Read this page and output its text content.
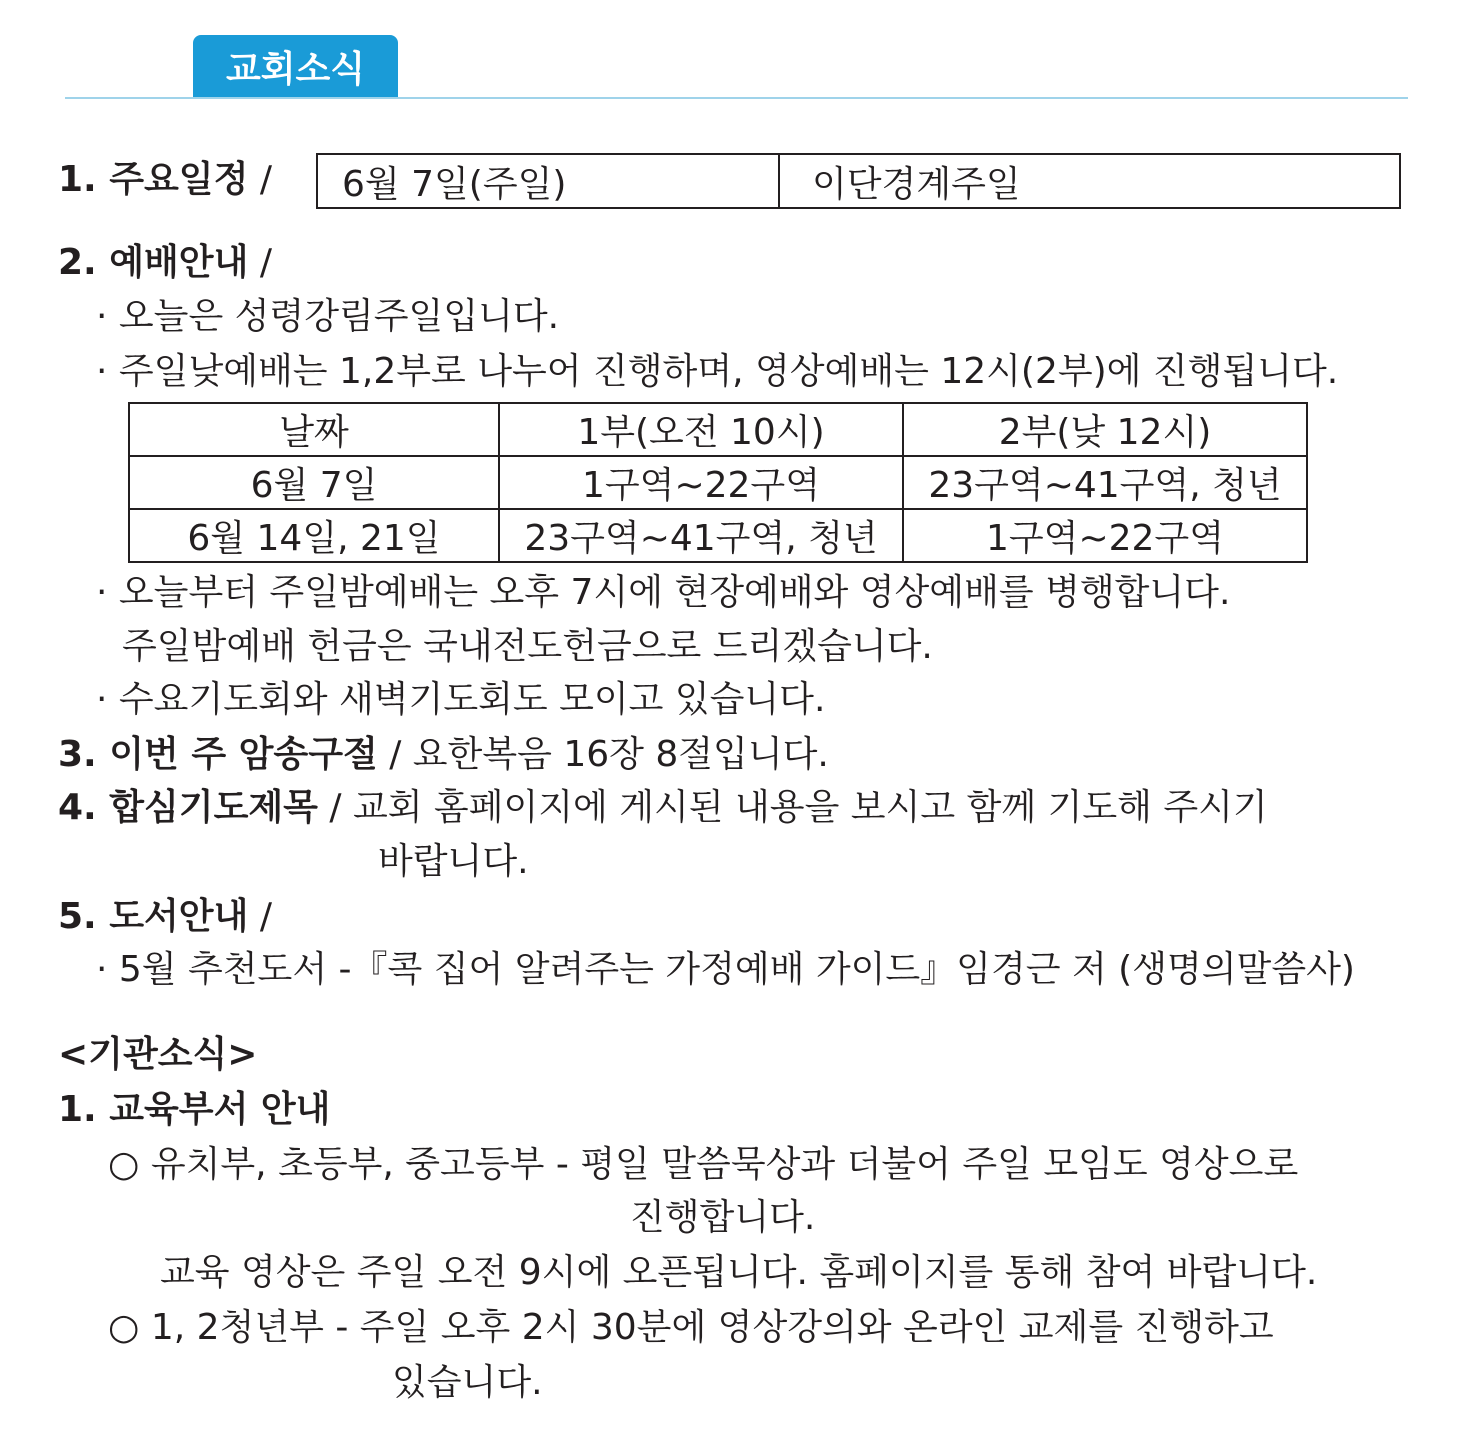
교회소식
1. 주요일정 / 6월 7일(주일)	이단경계주일
2. 예배안내 /
· 오늘은 성령강림주일입니다.
· 주일낮예배는 1,2부로 나누어 진행하며, 영상예배는 12시(2부)에 진행됩니다.
날짜	1부(오전 10시)	2부(낮 12시)
6월 7일	1구역~22구역	23구역~41구역, 청년
6월 14일, 21일	23구역~41구역, 청년	1구역~22구역
· 오늘부터 주일밤예배는 오후 7시에 현장예배와 영상예배를 병행합니다.
주일밤예배 헌금은 국내전도헌금으로 드리겠습니다.
· 수요기도회와 새벽기도회도 모이고 있습니다.
3. 이번 주 암송구절 / 요한복음 16장 8절입니다.
4. 합심기도제목 / 교회 홈페이지에 게시된 내용을 보시고 함께 기도해 주시기
바랍니다.
5. 도서안내 /
· 5월 추천도서 -『콕 집어 알려주는 가정예배 가이드』임경근 저 (생명의말씀사)
<기관소식>
1. 교육부서 안내
○ 유치부, 초등부, 중고등부 - 평일 말씀묵상과 더불어 주일 모임도 영상으로
진행합니다.
교육 영상은 주일 오전 9시에 오픈됩니다. 홈페이지를 통해 참여 바랍니다.
○ 1, 2청년부 - 주일 오후 2시 30분에 영상강의와 온라인 교제를 진행하고
있습니다.
